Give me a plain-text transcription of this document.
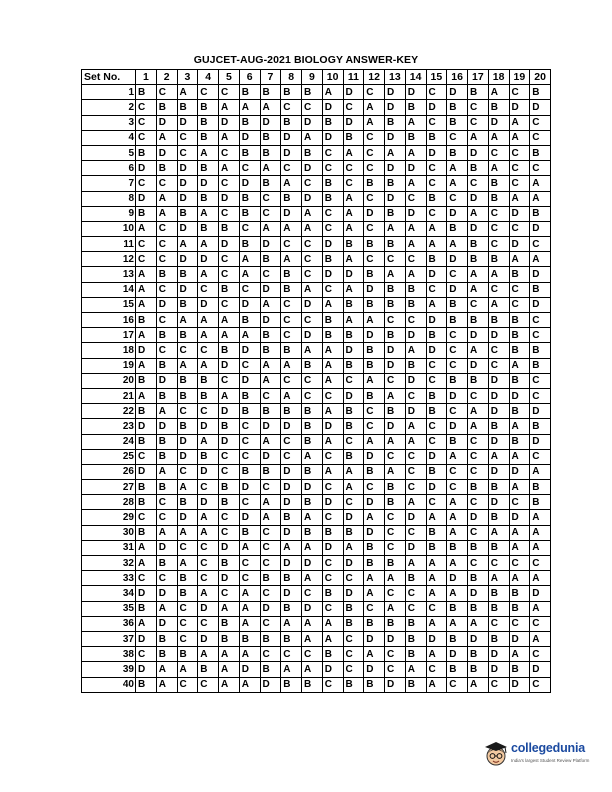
GUJCET-AUG-2021 BIOLOGY ANSWER-KEY
Set No.	1	2	3	4	5	6	7	8	9	10	11	12	13	14	15	16	17	18	19	20
1	B	C	A	C	C	B	B	B	B	A	D	C	D	D	C	D	B	A	C	B
2	C	B	B	B	A	A	A	C	C	D	C	A	D	B	D	B	C	B	D	D
3	C	D	D	B	D	B	D	B	D	B	D	A	B	A	C	B	C	D	A	C
4	C	A	C	B	A	D	B	D	A	D	B	C	D	B	B	C	A	A	A	C
5	B	D	C	A	C	B	B	D	B	C	A	C	A	A	D	B	D	C	C	B
6	D	B	D	B	A	C	A	C	D	C	C	C	D	D	C	A	B	A	C	C
7	C	C	D	D	C	D	B	A	C	B	C	B	B	A	C	A	C	B	C	A
8	D	A	D	B	D	B	C	B	D	B	A	C	D	C	B	C	D	B	A	A
9	B	A	B	A	C	B	C	D	A	C	A	D	B	D	C	D	A	C	D	B
10	A	C	D	B	B	C	A	A	A	C	A	C	A	A	A	B	D	C	C	D
11	C	C	A	A	D	B	D	C	C	D	B	B	B	A	A	A	B	C	D	C
12	C	C	D	D	C	A	B	A	C	B	A	C	C	C	B	D	B	B	A	A
13	A	B	B	A	C	A	C	B	C	D	D	B	A	A	D	C	A	A	B	D
14	A	C	D	C	B	C	D	B	A	C	A	D	B	B	C	D	A	C	C	B
15	A	D	B	D	C	D	A	C	D	A	B	B	B	B	A	B	C	A	C	D
16	B	C	A	A	A	B	D	C	C	B	A	A	C	C	D	B	B	B	B	C
17	A	B	B	A	A	A	B	C	D	B	B	D	B	D	B	C	D	D	B	C
18	D	C	C	C	B	D	B	B	A	A	D	B	D	A	D	C	A	C	B	B
19	A	B	A	A	D	C	A	A	B	A	B	B	D	B	C	C	D	C	A	B
20	B	D	B	B	C	D	A	C	C	A	C	A	C	D	C	B	B	D	B	C
21	A	B	B	B	A	B	C	A	C	C	D	B	A	C	B	D	C	D	D	C
22	B	A	C	C	D	B	B	B	B	A	B	C	B	D	B	C	A	D	B	D
23	D	D	B	D	B	C	D	D	B	D	B	C	D	A	C	D	A	B	A	B
24	B	B	D	A	D	C	A	C	B	A	C	A	A	A	C	B	C	D	B	D
25	C	B	D	B	C	C	D	C	A	C	B	D	C	C	D	A	C	A	A	C
26	D	A	C	D	C	B	B	D	B	A	A	B	A	C	B	C	C	D	D	A
27	B	B	A	C	B	D	C	D	D	C	A	C	B	C	D	C	B	B	A	B
28	B	C	B	D	B	C	A	D	B	D	C	D	B	A	C	A	C	D	C	B
29	C	C	D	A	C	D	A	B	A	C	D	A	C	D	A	A	D	B	D	A
30	B	A	A	A	C	B	C	D	B	B	B	D	C	C	B	A	C	A	A	A
31	A	D	C	C	D	A	C	A	A	D	A	B	C	D	B	B	B	B	A	A
32	A	B	A	C	B	C	C	D	D	C	D	B	B	A	A	A	C	C	C	C
33	C	C	B	C	D	C	B	B	A	C	C	A	A	B	A	D	B	A	A	A
34	D	D	B	A	C	A	C	D	C	B	D	A	C	C	A	A	D	B	B	D
35	B	A	C	D	A	A	D	B	D	C	B	C	A	C	C	B	B	B	B	A
36	A	D	C	C	B	A	C	A	A	A	B	B	B	B	A	A	A	C	C	C
37	D	B	C	D	B	B	B	B	A	A	C	D	D	B	D	B	D	B	D	A
38	C	B	B	A	A	A	C	C	C	B	C	A	C	B	A	D	B	D	A	C
39	D	A	A	B	A	D	B	A	A	D	C	D	C	A	C	B	B	D	B	D
40	B	A	C	C	A	A	D	B	B	C	B	B	D	B	A	C	A	C	D	C
collegedunia
India's largest Student Review Platform
